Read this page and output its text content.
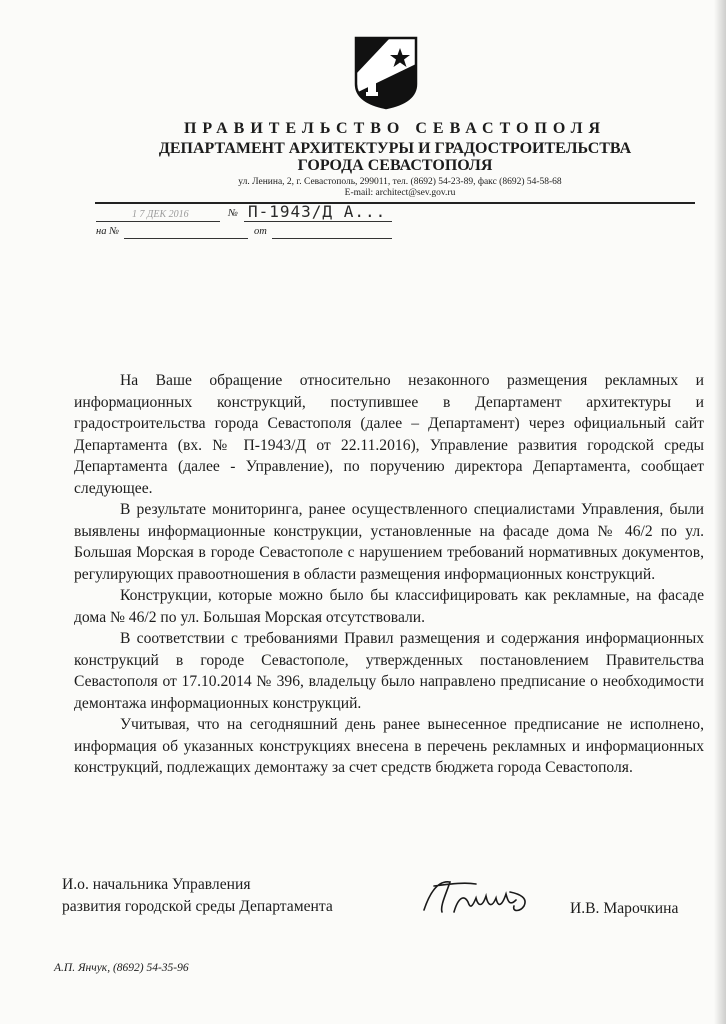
ПРАВИТЕЛЬСТВО СЕВАСТОПОЛЯ
ДЕПАРТАМЕНТ АРХИТЕКТУРЫ И ГРАДОСТРОИТЕЛЬСТВА
ГОРОДА СЕВАСТОПОЛЯ
ул. Ленина, 2, г. Севастополь, 299011, тел. (8692) 54-23-89, факс (8692) 54-58-68
E-mail: architect@sev.gov.ru
1 7 ДЕК 2016	№ П-1943/Д А...
на №	от

На Ваше обращение относительно незаконного размещения рекламных и информационных конструкций, поступившее в Департамент архитектуры и градостроительства города Севастополя (далее – Департамент) через официальный сайт Департамента (вх. № П-1943/Д от 22.11.2016), Управление развития городской среды Департамента (далее - Управление), по поручению директора Департамента, сообщает следующее.

В результате мониторинга, ранее осуществленного специалистами Управления, были выявлены информационные конструкции, установленные на фасаде дома № 46/2 по ул. Большая Морская в городе Севастополе с нарушением требований нормативных документов, регулирующих правоотношения в области размещения информационных конструкций.

Конструкции, которые можно было бы классифицировать как рекламные, на фасаде дома № 46/2 по ул. Большая Морская отсутствовали.

В соответствии с требованиями Правил размещения и содержания информационных конструкций в городе Севастополе, утвержденных постановлением Правительства Севастополя от 17.10.2014 № 396, владельцу было направлено предписание о необходимости демонтажа информационных конструкций.

Учитывая, что на сегодняшний день ранее вынесенное предписание не исполнено, информация об указанных конструкциях внесена в перечень рекламных и информационных конструкций, подлежащих демонтажу за счет средств бюджета города Севастополя.

И.о. начальника Управления
развития городской среды Департамента	И.В. Марочкина
А.П. Янчук, (8692) 54-35-96
